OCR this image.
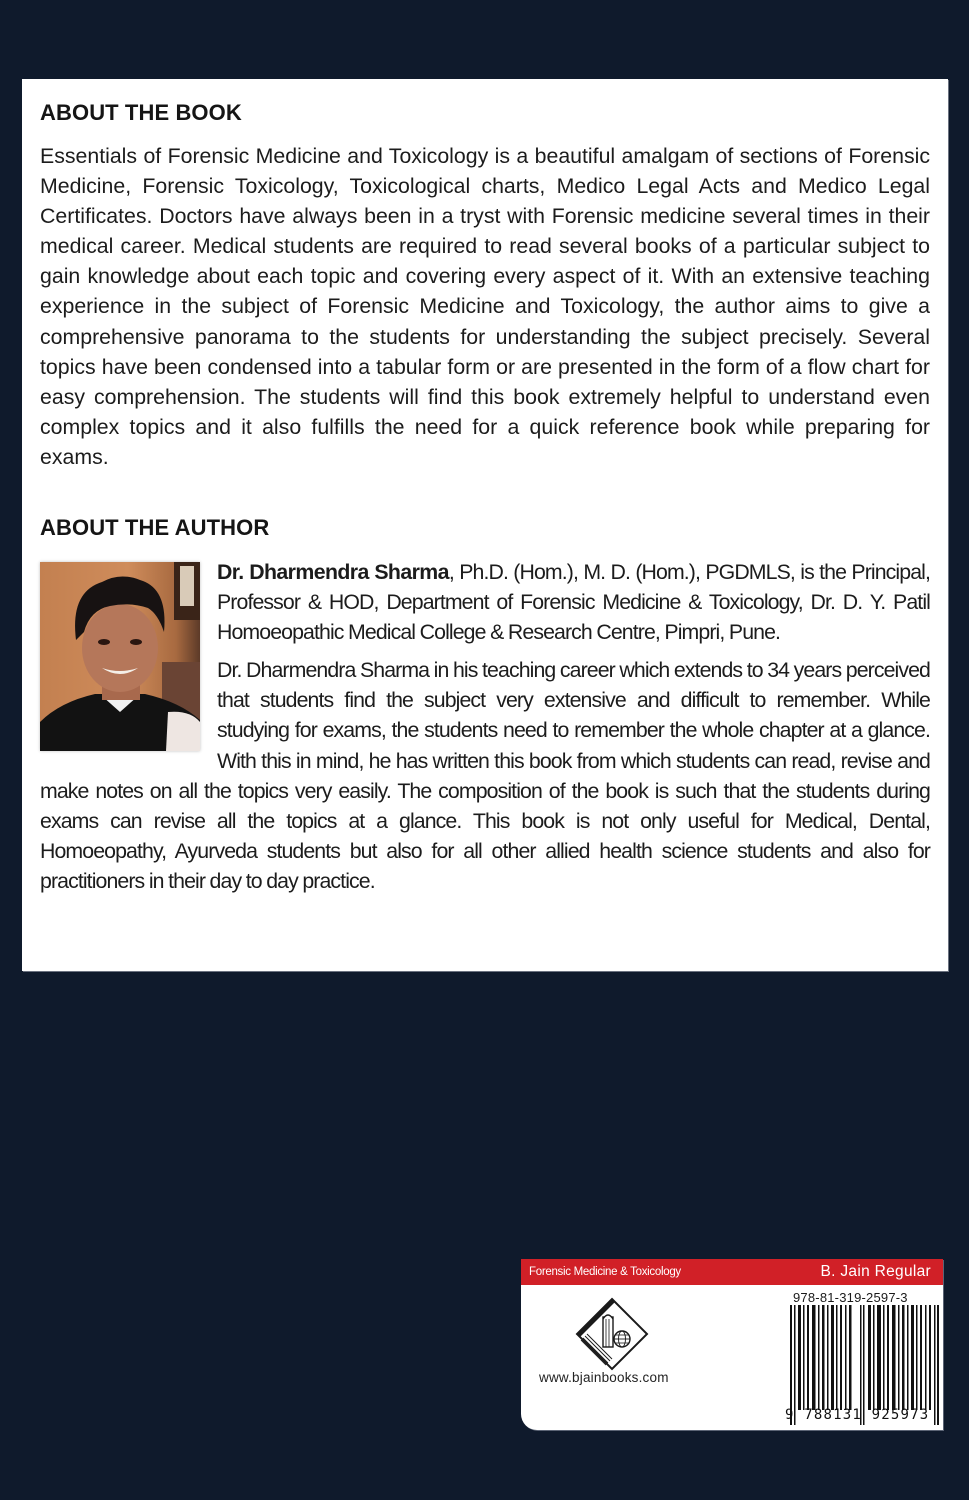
ABOUT THE BOOK

Essentials of Forensic Medicine and Toxicology is a beautiful amalgam of sections of Forensic Medicine, Forensic Toxicology, Toxicological charts, Medico Legal Acts and Medico Legal Certificates. Doctors have always been in a tryst with Forensic medicine several times in their medical career. Medical students are required to read several books of a particular subject to gain knowledge about each topic and covering every aspect of it. With an extensive teaching experience in the subject of Forensic Medicine and Toxicology, the author aims to give a comprehensive panorama to the students for understanding the subject precisely. Several topics have been condensed into a tabular form or are presented in the form of a flow chart for easy comprehension. The students will find this book extremely helpful to understand even complex topics and it also fulfills the need for a quick reference book while preparing for exams.

ABOUT THE AUTHOR

Dr. Dharmendra Sharma, Ph.D. (Hom.), M. D. (Hom.), PGDMLS, is the Principal, Professor & HOD, Department of Forensic Medicine & Toxicology, Dr. D. Y. Patil Homoeopathic Medical College & Research Centre, Pimpri, Pune.

Dr. Dharmendra Sharma in his teaching career which extends to 34 years perceived that students find the subject very extensive and difficult to remember. While studying for exams, the students need to remember the whole chapter at a glance. With this in mind, he has written this book from which students can read, revise and make notes on all the topics very easily. The composition of the book is such that the students during exams can revise all the topics at a glance. This book is not only useful for Medical, Dental, Homoeopathy, Ayurveda students but also for all other allied health science students and also for practitioners in their day to day practice.

Forensic Medicine & Toxicology	B. Jain Regular
www.bjainbooks.com
978-81-319-2597-3
9 788131 925973
